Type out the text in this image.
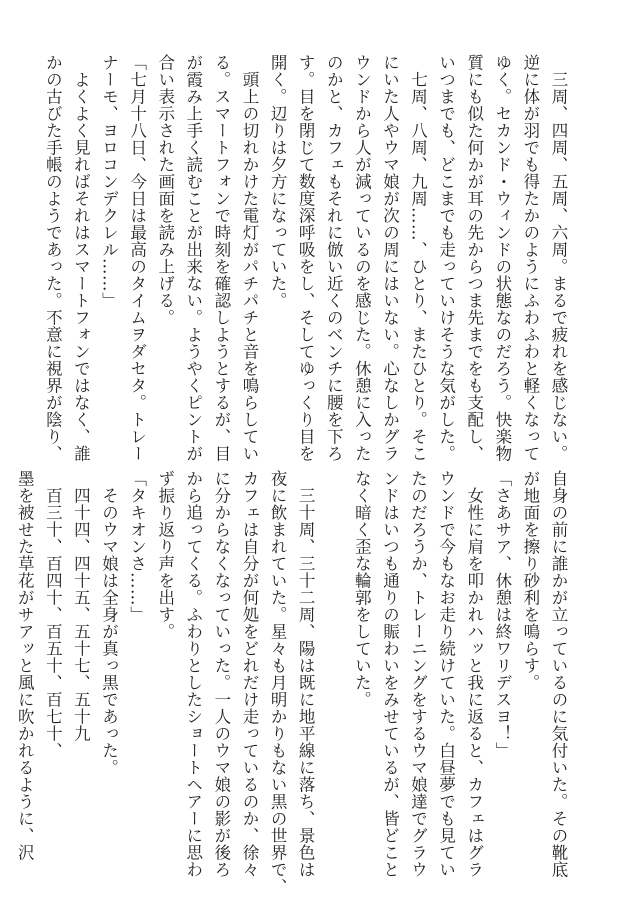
　三周、四周、五周、六周。まるで疲れを感じない。
逆に体が羽でも得たかのようにふわふわと軽くなって
ゆく。セカンド・ウィンドの状態なのだろう。快楽物
質にも似た何かが耳の先からつま先までをも支配し、
いつまでも、どこまでも走っていけそうな気がした。
　七周、八周、九周……、ひとり、またひとり。そこ
にいた人やウマ娘が次の周にはいない。心なしかグラ
ウンドから人が減っているのを感じた。休憩に入った
のかと、カフェもそれに倣い近くのベンチに腰を下ろ
す。目を閉じて数度深呼吸をし、そしてゆっくり目を
開く。辺りは夕方になっていた。
　頭上の切れかけた電灯がパチパチと音を鳴らしてい
る。スマートフォンで時刻を確認しようとするが、目
が霞み上手く読むことが出来ない。ようやくピントが
合い表示された画面を読み上げる。
「七月十八日、今日は最高のタイムヲダセタ。トレー
ナーモ、ヨロコンデクレル……」
　よくよく見ればそれはスマートフォンではなく、誰
かの古びた手帳のようであった。不意に視界が陰り、
自身の前に誰かが立っているのに気付いた。その靴底
が地面を擦り砂利を鳴らす。
「さあサア、休憩は終ワリデスヨ！」
　女性に肩を叩かれハッと我に返ると、カフェはグラ
ウンドで今もなお走り続けていた。白昼夢でも見てい
たのだろうか、トレーニングをするウマ娘達でグラウ
ンドはいつも通りの賑わいをみせているが、皆どこと
なく暗く歪な輪郭をしていた。
　三十周、三十二周、陽は既に地平線に落ち、景色は
夜に飲まれていた。星々も月明かりもない黒の世界で、
カフェは自分が何処をどれだけ走っているのか、徐々
に分からなくなっていった。一人のウマ娘の影が後ろ
から追ってくる。ふわりとしたショートヘアーに思わ
ず振り返り声を出す。
「タキオンさ……」
　そのウマ娘は全身が真っ黒であった。
　四十四、四十五、五十七、五十九
　百三十、百四十、百五十、百七十、
墨を被せた草花がサアッと風に吹かれるように、沢
